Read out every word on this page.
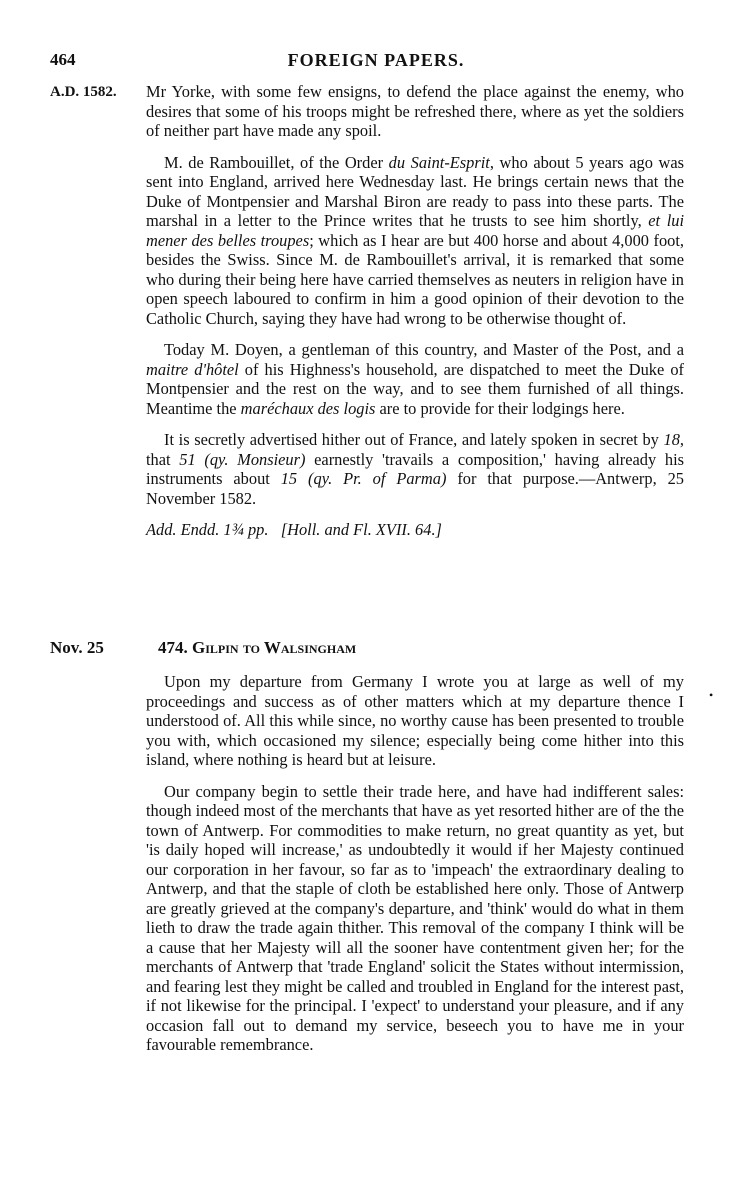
464	FOREIGN PAPERS.
A.D. 1582. Mr Yorke, with some few ensigns, to defend the place against the enemy, who desires that some of his troops might be refreshed there, where as yet the soldiers of neither part have made any spoil.

M. de Rambouillet, of the Order du Saint-Esprit, who about 5 years ago was sent into England, arrived here Wednesday last. He brings certain news that the Duke of Montpensier and Marshal Biron are ready to pass into these parts. The marshal in a letter to the Prince writes that he trusts to see him shortly, et lui mener des belles troupes; which as I hear are but 400 horse and about 4,000 foot, besides the Swiss. Since M. de Rambouillet's arrival, it is remarked that some who during their being here have carried themselves as neuters in religion have in open speech laboured to confirm in him a good opinion of their devotion to the Catholic Church, saying they have had wrong to be otherwise thought of.

Today M. Doyen, a gentleman of this country, and Master of the Post, and a maitre d'hôtel of his Highness's household, are dispatched to meet the Duke of Montpensier and the rest on the way, and to see them furnished of all things. Meantime the maréchaux des logis are to provide for their lodgings here.

It is secretly advertised hither out of France, and lately spoken in secret by 18, that 51 (qy. Monsieur) earnestly 'travails a composition,' having already his instruments about 15 (qy. Pr. of Parma) for that purpose.—Antwerp, 25 November 1582.

Add. Endd. 1¾ pp. [Holl. and Fl. XVII. 64.]

Nov. 25	474. Gilpin to Walsingham

Upon my departure from Germany I wrote you at large as well of my proceedings and success as of other matters which at my departure thence I understood of. All this while since, no worthy cause has been presented to trouble you with, which occasioned my silence; especially being come hither into this island, where nothing is heard but at leisure.

Our company begin to settle their trade here, and have had indifferent sales: though indeed most of the merchants that have as yet resorted hither are of the the town of Antwerp. For commodities to make return, no great quantity as yet, but 'is daily hoped will increase,' as undoubtedly it would if her Majesty continued our corporation in her favour, so far as to 'impeach' the extraordinary dealing to Antwerp, and that the staple of cloth be established here only. Those of Antwerp are greatly grieved at the company's departure, and 'think' would do what in them lieth to draw the trade again thither. This removal of the company I think will be a cause that her Majesty will all the sooner have contentment given her; for the merchants of Antwerp that 'trade England' solicit the States without intermission, and fearing lest they might be called and troubled in England for the interest past, if not likewise for the principal. I 'expect' to understand your pleasure, and if any occasion fall out to demand my service, beseech you to have me in your favourable remembrance.

•
